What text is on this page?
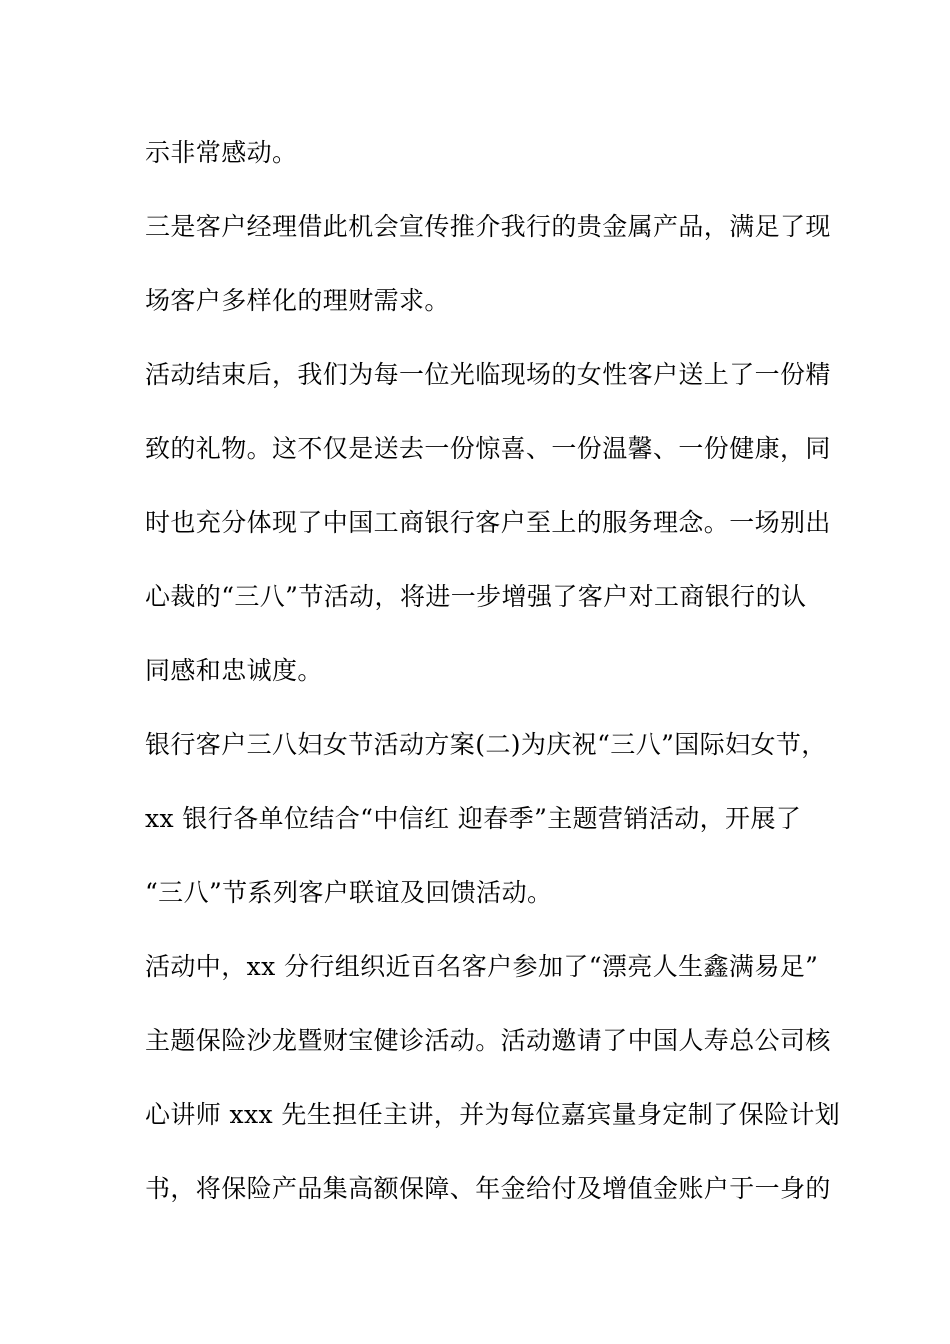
示非常感动。
三是客户经理借此机会宣传推介我行的贵金属产品，满足了现
场客户多样化的理财需求。
活动结束后，我们为每一位光临现场的女性客户送上了一份精
致的礼物。这不仅是送去一份惊喜、一份温馨、一份健康，同
时也充分体现了中国工商银行客户至上的服务理念。一场别出
心裁的“三八”节活动，将进一步增强了客户对工商银行的认
同感和忠诚度。
银行客户三八妇女节活动方案(二)为庆祝“三八”国际妇女节，
xx 银行各单位结合“中信红 迎春季”主题营销活动，开展了
“三八”节系列客户联谊及回馈活动。
活动中，xx 分行组织近百名客户参加了“漂亮人生鑫满易足”
主题保险沙龙暨财宝健诊活动。活动邀请了中国人寿总公司核
心讲师 xxx 先生担任主讲，并为每位嘉宾量身定制了保险计划
书，将保险产品集高额保障、年金给付及增值金账户于一身的
